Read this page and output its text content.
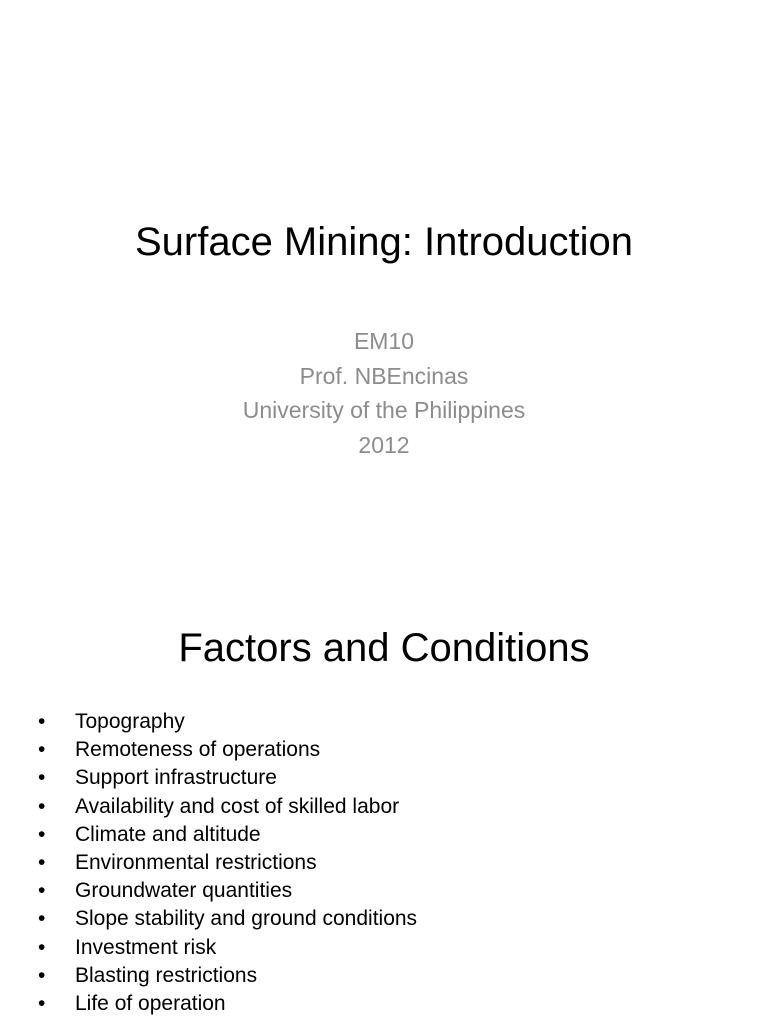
Surface Mining: Introduction
EM10
Prof. NBEncinas
University of the Philippines
2012
Factors and Conditions
• Topography
• Remoteness of operations
• Support infrastructure
• Availability and cost of skilled labor
• Climate and altitude
• Environmental restrictions
• Groundwater quantities
• Slope stability and ground conditions
• Investment risk
• Blasting restrictions
• Life of operation
